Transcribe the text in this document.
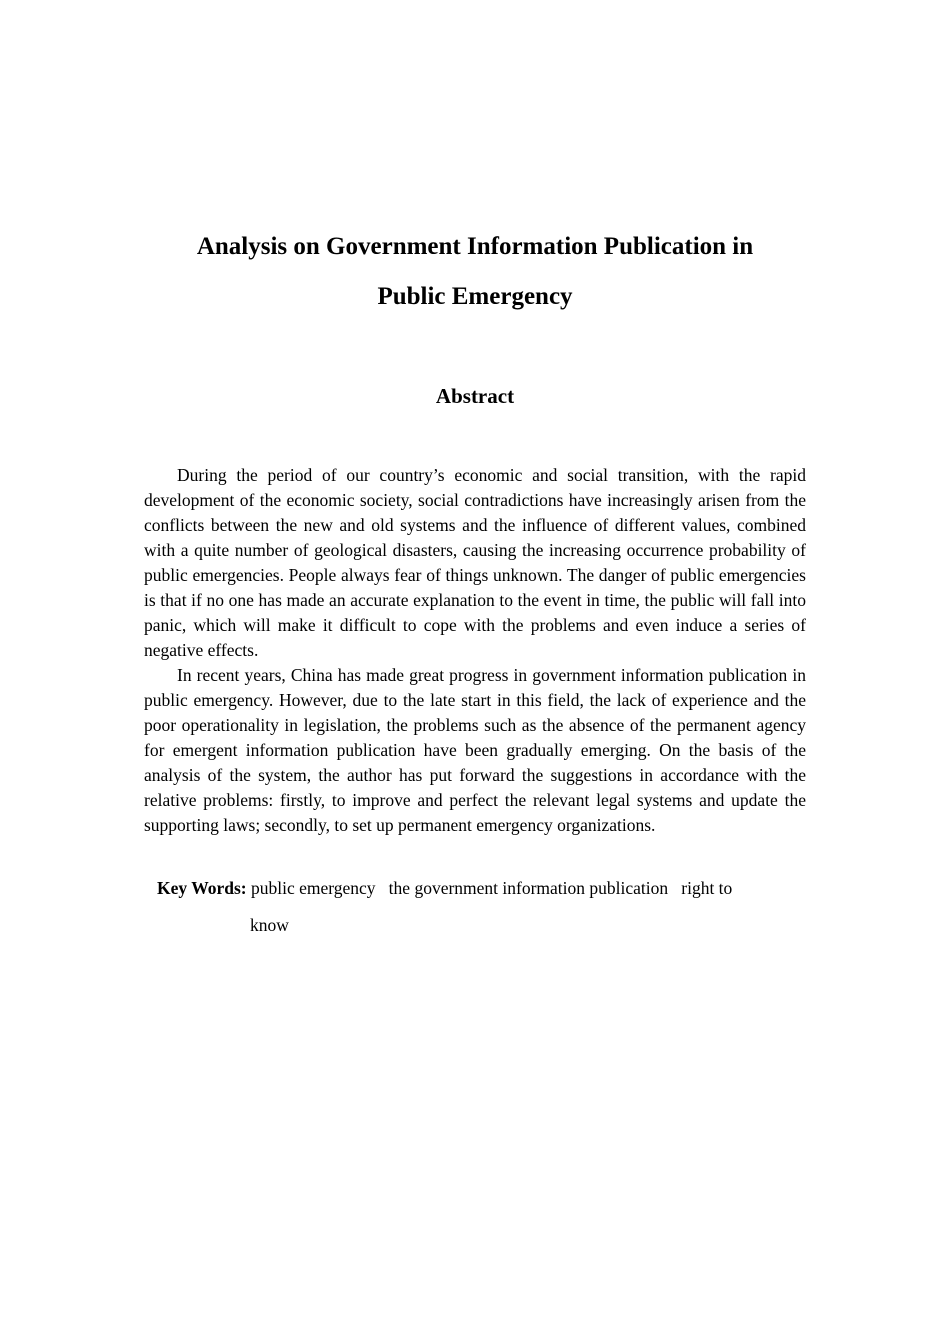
Analysis on Government Information Publication in
Public Emergency
Abstract

During the period of our country’s economic and social transition, with the rapid development of the economic society, social contradictions have increasingly arisen from the conflicts between the new and old systems and the influence of different values, combined with a quite number of geological disasters, causing the increasing occurrence probability of public emergencies. People always fear of things unknown. The danger of public emergencies is that if no one has made an accurate explanation to the event in time, the public will fall into panic, which will make it difficult to cope with the problems and even induce a series of negative effects.

In recent years, China has made great progress in government information publication in public emergency. However, due to the late start in this field, the lack of experience and the poor operationality in legislation, the problems such as the absence of the permanent agency for emergent information publication have been gradually emerging. On the basis of the analysis of the system, the author has put forward the suggestions in accordance with the relative problems: firstly, to improve and perfect the relevant legal systems and update the supporting laws; secondly, to set up permanent emergency organizations.

Key Words: public emergency   the government information publication   right to
know
